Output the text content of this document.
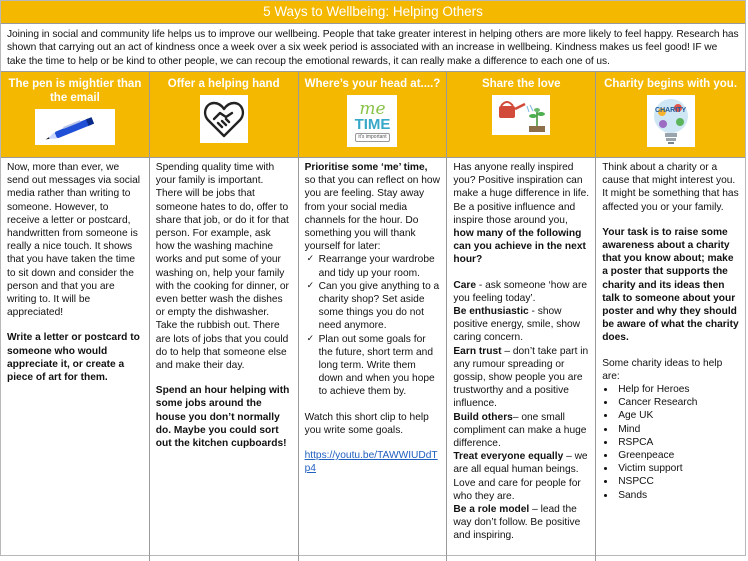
5 Ways to Wellbeing: Helping Others
Joining in social and community life helps us to improve our wellbeing. People that take greater interest in helping others are more likely to feel happy. Research has shown that carrying out an act of kindness once a week over a six week period is associated with an increase in wellbeing. Kindness makes us feel good! IF we take the time to help or be kind to other people, we can recoup the emotional rewards, it can really make a difference to each one of us.
The pen is mightier than the email

Now, more than ever, we send out messages via social media rather than writing to someone. However, to receive a letter or postcard, handwritten from someone is really a nice touch. It shows that you have taken the time to sit down and consider the person and that you are writing to. It will be appreciated!

Write a letter or postcard to someone who would appreciate it, or create a piece of art for them.

Offer a helping hand

Spending quality time with your family is important. There will be jobs that someone hates to do, offer to share that job, or do it for that person. For example, ask how the washing machine works and put some of your washing on, help your family with the cooking for dinner, or even better wash the dishes or empty the dishwasher. Take the rubbish out. There are lots of jobs that you could do to help that someone else and make their day.

Spend an hour helping with some jobs around the house you don’t normally do. Maybe you could sort out the kitchen cupboards!

Where’s your head at....?
me
TIME
it's important

Prioritise some ‘me’ time, so that you can reflect on how you are feeling. Stay away from your social media channels for the hour. Do something you will thank yourself for later:

✓ Rearrange your wardrobe and tidy up your room.
✓ Can you give anything to a charity shop? Set aside some things you do not need anymore.
✓ Plan out some goals for the future, short term and long term. Write them down and when you hope to achieve them by.

Watch this short clip to help you write some goals.

https://youtu.be/TAWWIUDdTp4

Share the love

Has anyone really inspired you? Positive inspiration can make a huge difference in life. Be a positive influence and inspire those around you, how many of the following can you achieve in the next hour?

Care - ask someone ‘how are you feeling today’.
Be enthusiastic - show positive energy, smile, show caring concern.
Earn trust – don’t take part in any rumour spreading or gossip, show people you are trustworthy and a positive influence.
Build others– one small compliment can make a huge difference.
Treat everyone equally – we are all equal human beings. Love and care for people for who they are.
Be a role model – lead the way don’t follow. Be positive and inspiring.
Charity begins with you.
CHARITY

Think about a charity or a cause that might interest you. It might be something that has affected you or your family.

Your task is to raise some awareness about a charity that you know about; make a poster that supports the charity and its ideas then talk to someone about your poster and why they should be aware of what the charity does.

Some charity ideas to help are:

• Help for Heroes
• Cancer Research
• Age UK
• Mind
• RSPCA
• Greenpeace
• Victim support
• NSPCC
• Sands
